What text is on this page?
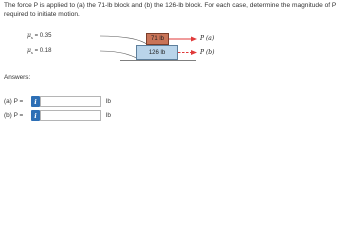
The force P is applied to (a) the 71-lb block and (b) the 126-lb block. For each case, determine the magnitude of P required to initiate motion.
$\mu_s = 0.35$
$\mu_s = 0.18$
71 lb
126 lb
P (a)
P (b)
Answers:
(a) P =	i	lb
(b) P =	i	lb
